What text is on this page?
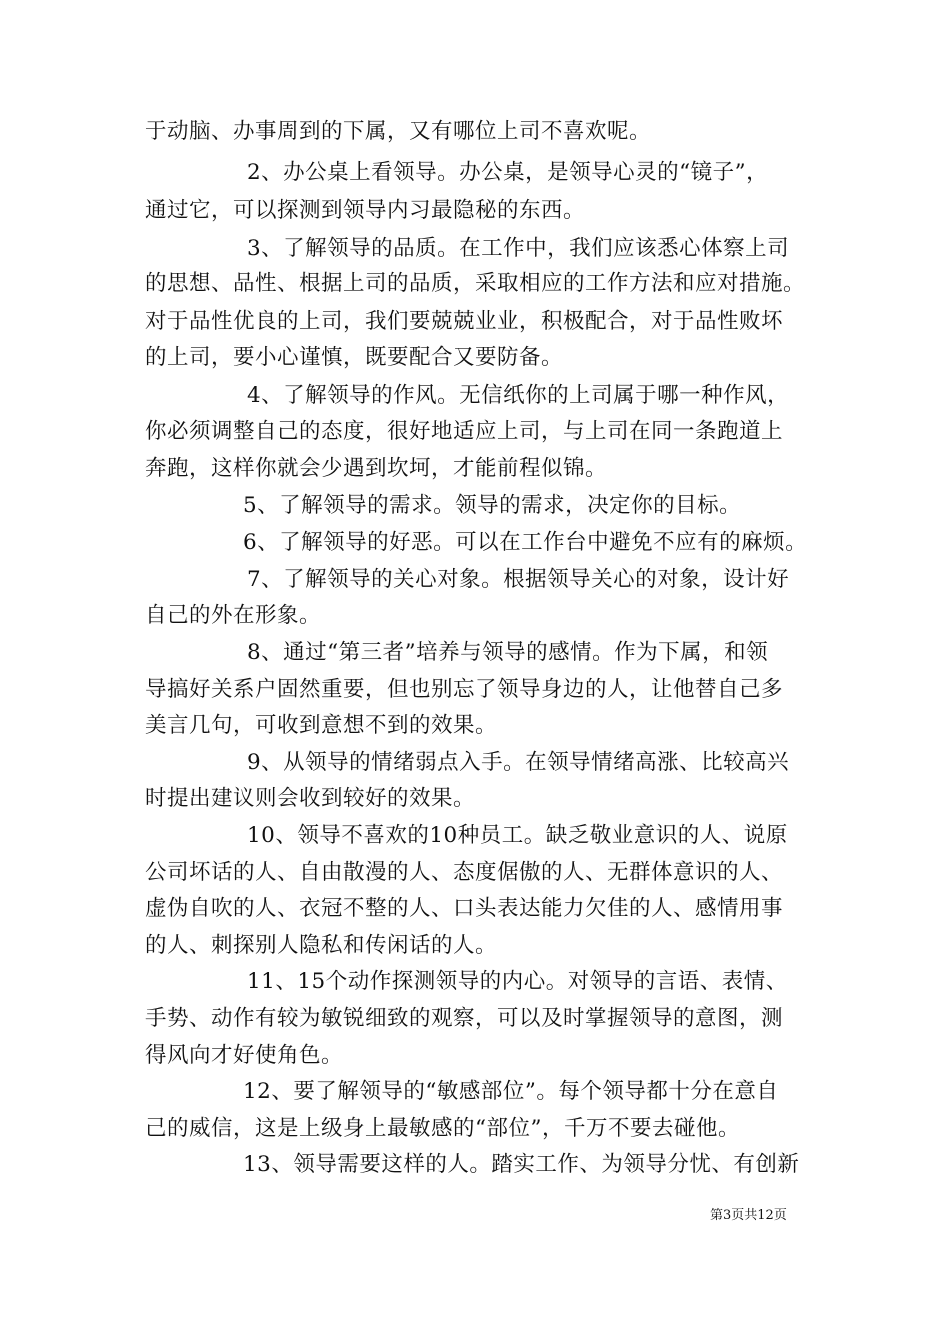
于动脑、办事周到的下属，又有哪位上司不喜欢呢。
2、办公桌上看领导。办公桌，是领导心灵的“镜子”，
通过它，可以探测到领导内习最隐秘的东西。
3、了解领导的品质。在工作中，我们应该悉心体察上司
的思想、品性、根据上司的品质，采取相应的工作方法和应对措施。
对于品性优良的上司，我们要兢兢业业，积极配合，对于品性败坏
的上司，要小心谨慎，既要配合又要防备。
4、了解领导的作风。无信纸你的上司属于哪一种作风，
你必须调整自己的态度，很好地适应上司，与上司在同一条跑道上
奔跑，这样你就会少遇到坎坷，才能前程似锦。
5、了解领导的需求。领导的需求，决定你的目标。
6、了解领导的好恶。可以在工作台中避免不应有的麻烦。
7、了解领导的关心对象。根据领导关心的对象，设计好
自己的外在形象。
8、通过“第三者”培养与领导的感情。作为下属，和领
导搞好关系户固然重要，但也别忘了领导身边的人，让他替自己多
美言几句，可收到意想不到的效果。
9、从领导的情绪弱点入手。在领导情绪高涨、比较高兴
时提出建议则会收到较好的效果。
10、领导不喜欢的10种员工。缺乏敬业意识的人、说原
公司坏话的人、自由散漫的人、态度倨傲的人、无群体意识的人、
虚伪自吹的人、衣冠不整的人、口头表达能力欠佳的人、感情用事
的人、刺探别人隐私和传闲话的人。
11、15个动作探测领导的内心。对领导的言语、表情、
手势、动作有较为敏锐细致的观察，可以及时掌握领导的意图，测
得风向才好使角色。
12、要了解领导的“敏感部位”。每个领导都十分在意自
己的威信，这是上级身上最敏感的“部位”，千万不要去碰他。
13、领导需要这样的人。踏实工作、为领导分忧、有创新
第3页共12页
